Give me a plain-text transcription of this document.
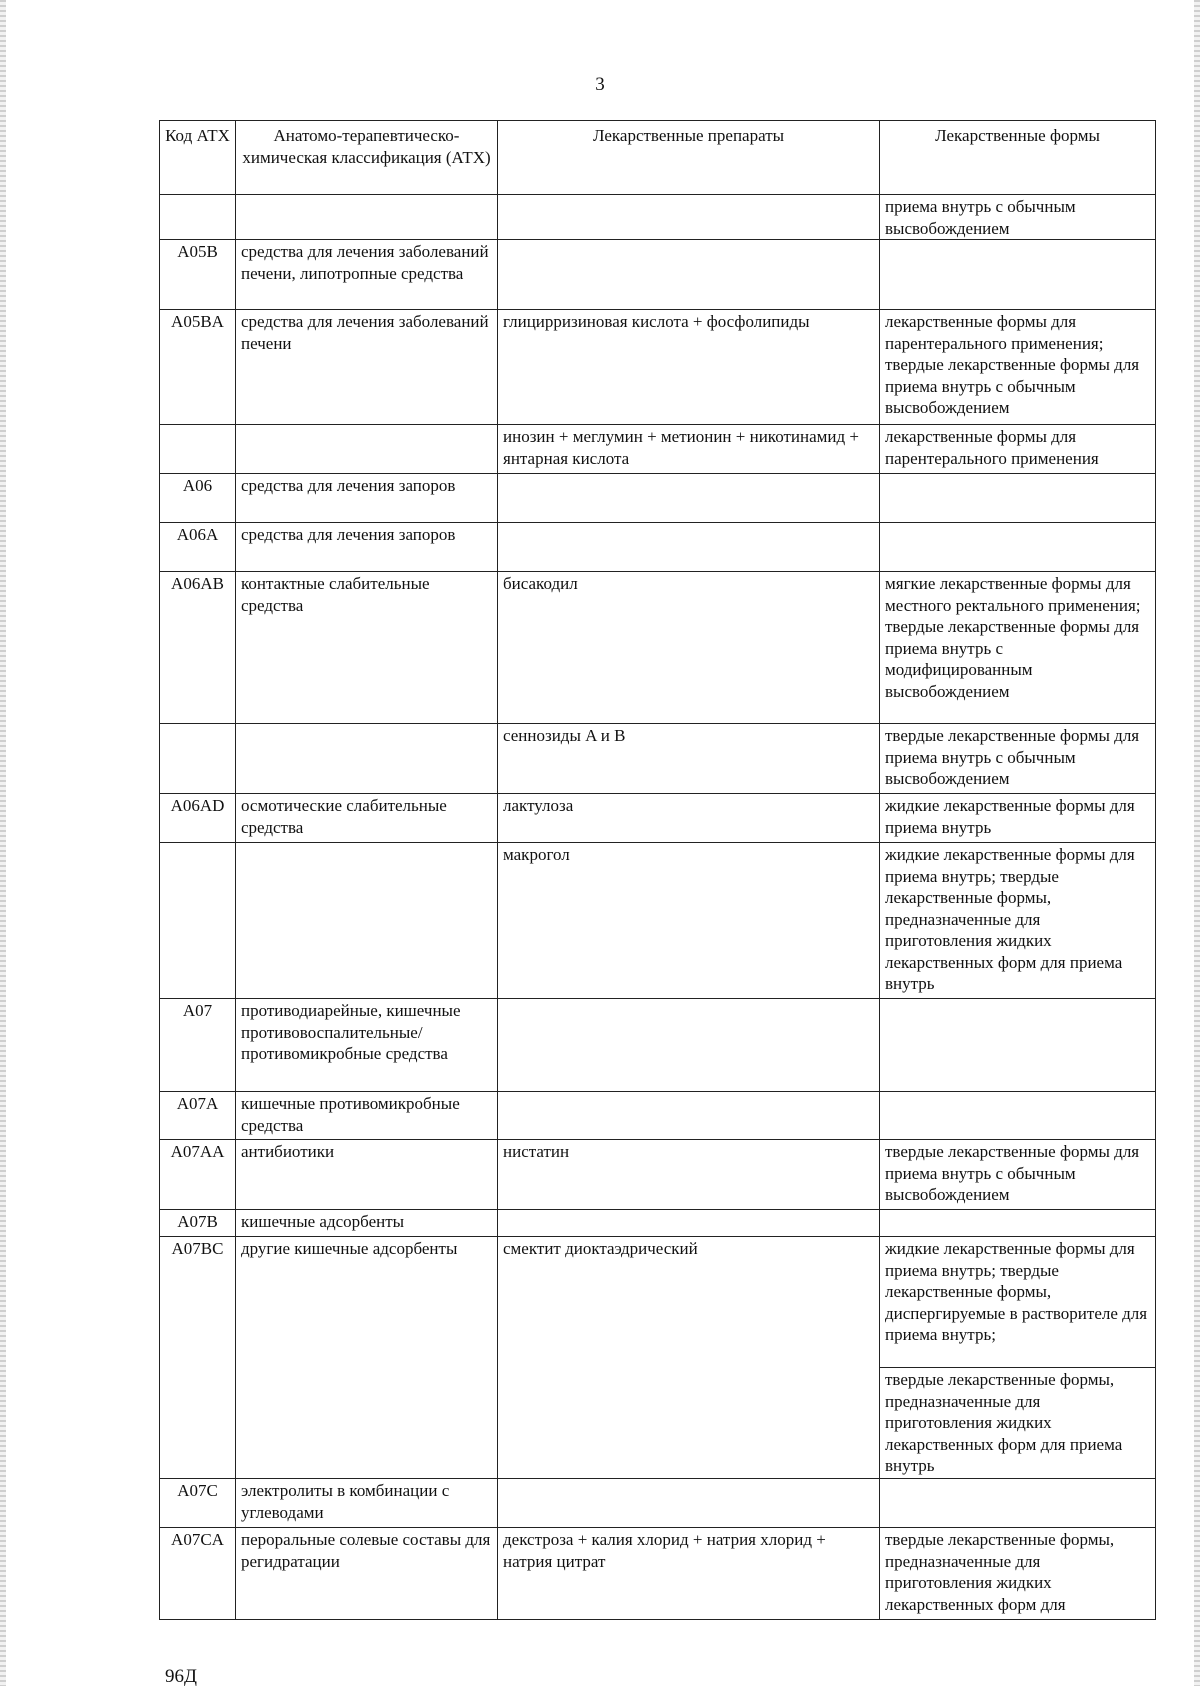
3
Код АТХ	Анатомо-терапевтическо-химическая классификация (АТХ)	Лекарственные препараты	Лекарственные формы
			приема внутрь с обычным высвобождением
A05B	средства для лечения заболеваний печени, липотропные средства		
A05BA	средства для лечения заболеваний печени	глицирризиновая кислота + фосфолипиды	лекарственные формы для парентерального применения; твердые лекарственные формы для приема внутрь с обычным высвобождением
		инозин + меглумин + метионин + никотинамид + янтарная кислота	лекарственные формы для парентерального применения
A06	средства для лечения запоров		
A06A	средства для лечения запоров		
A06AB	контактные слабительные средства	бисакодил	мягкие лекарственные формы для местного ректального применения; твердые лекарственные формы для приема внутрь с модифицированным высвобождением
		сеннозиды A и B	твердые лекарственные формы для приема внутрь с обычным высвобождением
A06AD	осмотические слабительные средства	лактулоза	жидкие лекарственные формы для приема внутрь
		макрогол	жидкие лекарственные формы для приема внутрь; твердые лекарственные формы, предназначенные для приготовления жидких лекарственных форм для приема внутрь
A07	противодиарейные, кишечные противовоспалительные/ противомикробные средства		
A07A	кишечные противомикробные средства		
A07AA	антибиотики	нистатин	твердые лекарственные формы для приема внутрь с обычным высвобождением
A07B	кишечные адсорбенты		
A07BC	другие кишечные адсорбенты	смектит диоктаэдрический	жидкие лекарственные формы для приема внутрь; твердые лекарственные формы, диспергируемые в растворителе для приема внутрь;
			твердые лекарственные формы, предназначенные для приготовления жидких лекарственных форм для приема внутрь
A07C	электролиты в комбинации с углеводами		
A07CA	пероральные солевые составы для регидратации	декстроза + калия хлорид + натрия хлорид + натрия цитрат	твердые лекарственные формы, предназначенные для приготовления жидких лекарственных форм для
96Д
